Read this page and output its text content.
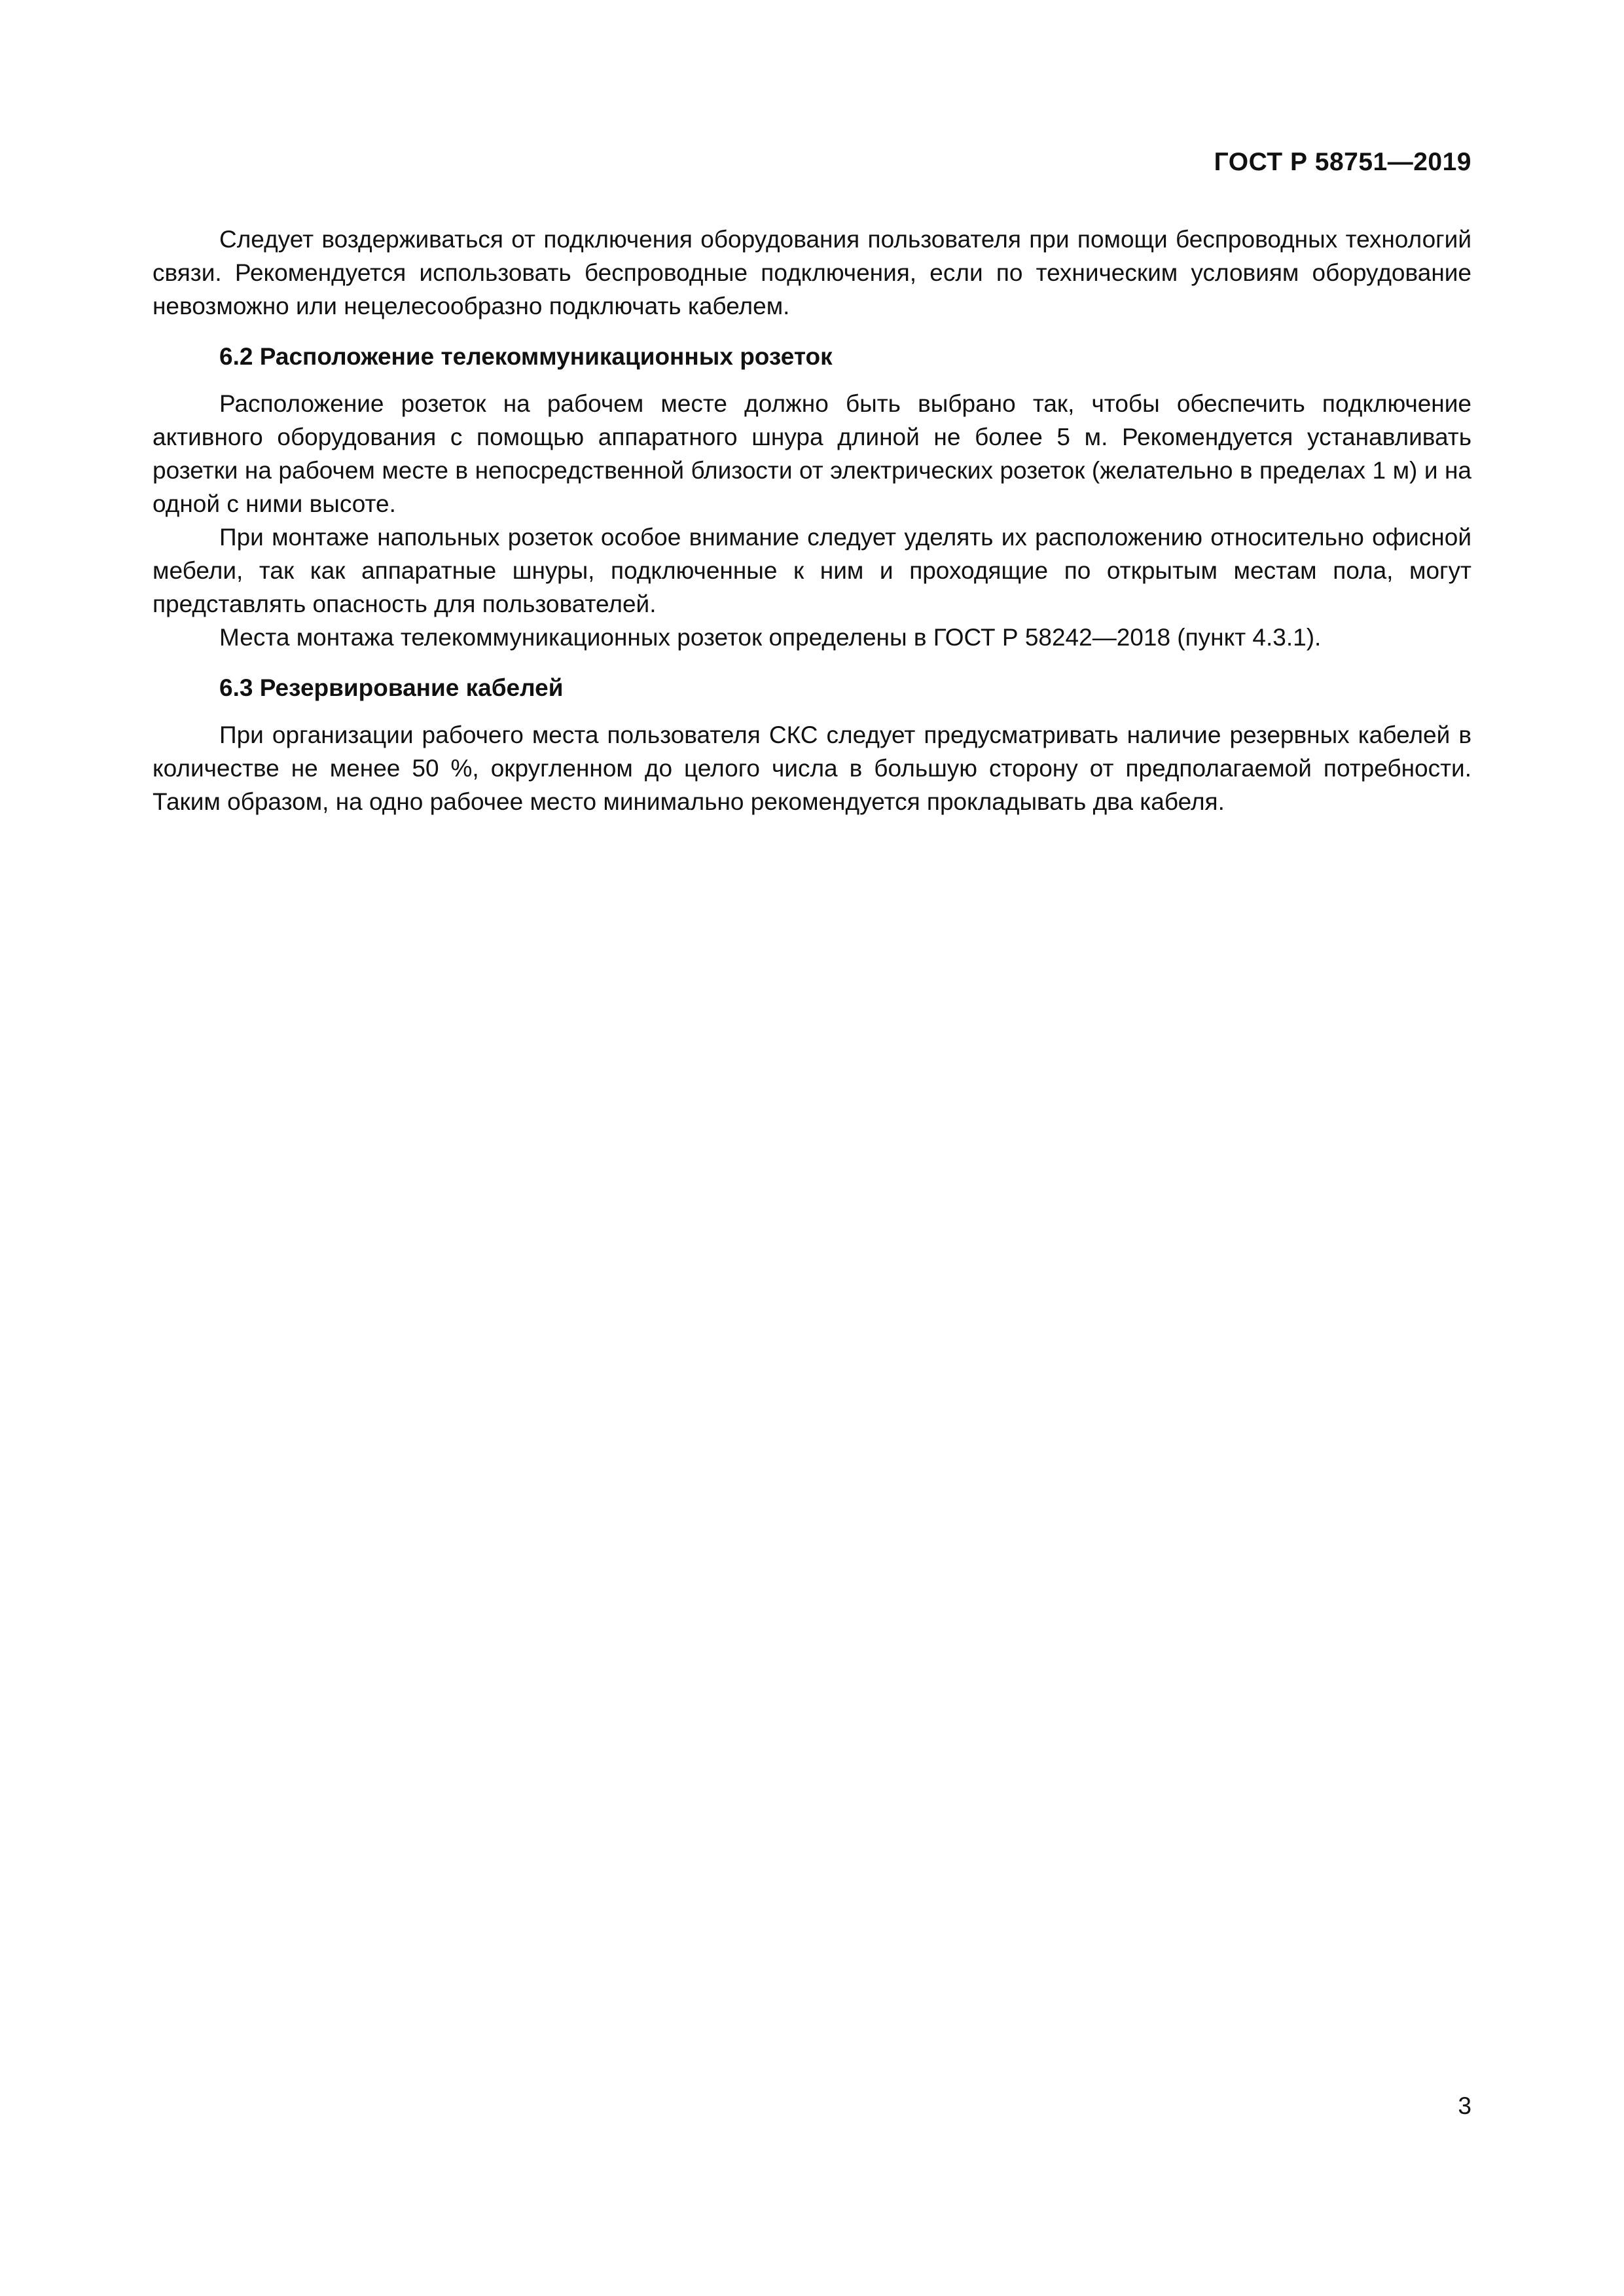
ГОСТ Р 58751—2019

Следует воздерживаться от подключения оборудования пользователя при помощи беспроводных технологий связи. Рекомендуется использовать беспроводные подключения, если по техническим условиям оборудование невозможно или нецелесообразно подключать кабелем.

6.2 Расположение телекоммуникационных розеток

Расположение розеток на рабочем месте должно быть выбрано так, чтобы обеспечить подключение активного оборудования с помощью аппаратного шнура длиной не более 5 м. Рекомендуется устанавливать розетки на рабочем месте в непосредственной близости от электрических розеток (желательно в пределах 1 м) и на одной с ними высоте.

При монтаже напольных розеток особое внимание следует уделять их расположению относительно офисной мебели, так как аппаратные шнуры, подключенные к ним и проходящие по открытым местам пола, могут представлять опасность для пользователей.

Места монтажа телекоммуникационных розеток определены в ГОСТ Р 58242—2018 (пункт 4.3.1).

6.3 Резервирование кабелей

При организации рабочего места пользователя СКС следует предусматривать наличие резервных кабелей в количестве не менее 50 %, округленном до целого числа в большую сторону от предполагаемой потребности. Таким образом, на одно рабочее место минимально рекомендуется прокладывать два кабеля.

3
